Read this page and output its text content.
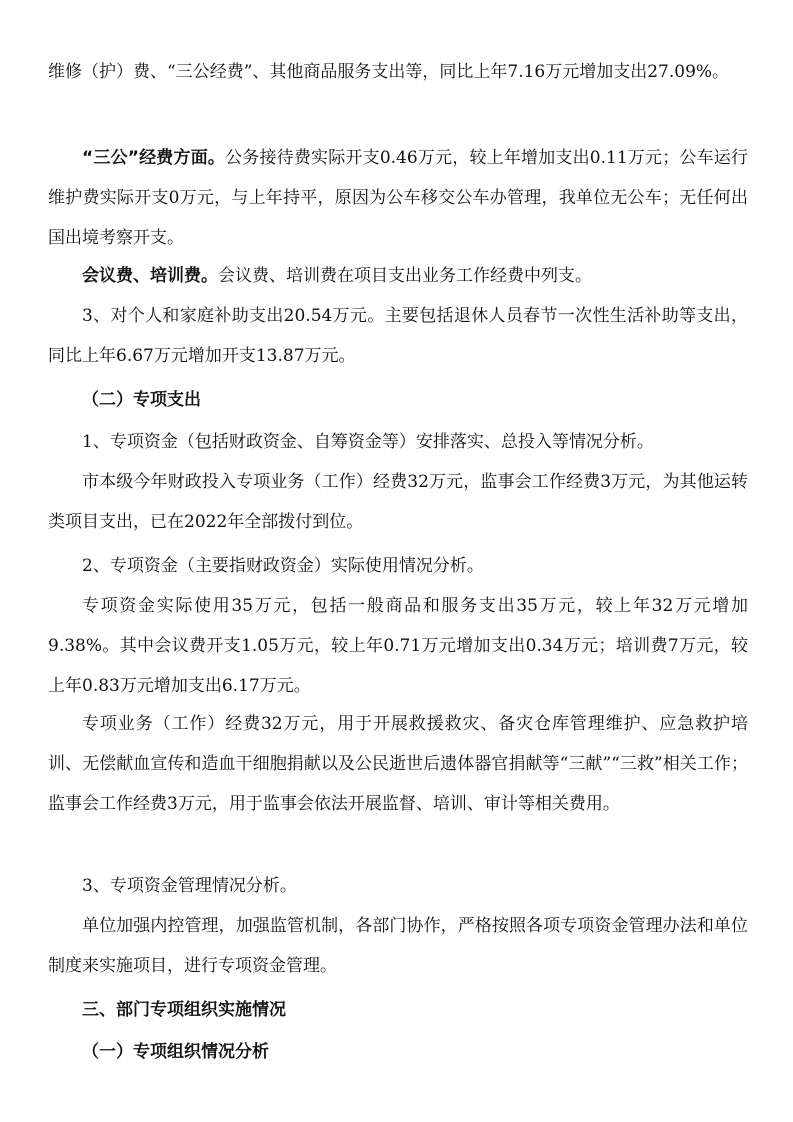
维修（护）费、“三公经费”、其他商品服务支出等，同比上年7.16万元增加支出27.09%。

“三公”经费方面。公务接待费实际开支0.46万元，较上年增加支出0.11万元；公车运行维护费实际开支0万元，与上年持平，原因为公车移交公车办管理，我单位无公车；无任何出国出境考察开支。

会议费、培训费。会议费、培训费在项目支出业务工作经费中列支。

3、对个人和家庭补助支出20.54万元。主要包括退休人员春节一次性生活补助等支出，同比上年6.67万元增加开支13.87万元。

（二）专项支出

1、专项资金（包括财政资金、自筹资金等）安排落实、总投入等情况分析。

市本级今年财政投入专项业务（工作）经费32万元，监事会工作经费3万元，为其他运转类项目支出，已在2022年全部拨付到位。

2、专项资金（主要指财政资金）实际使用情况分析。

专项资金实际使用35万元，包括一般商品和服务支出35万元，较上年32万元增加9.38%。其中会议费开支1.05万元，较上年0.71万元增加支出0.34万元；培训费7万元，较上年0.83万元增加支出6.17万元。

专项业务（工作）经费32万元，用于开展救援救灾、备灾仓库管理维护、应急救护培训、无偿献血宣传和造血干细胞捐献以及公民逝世后遗体器官捐献等“三献”“三救”相关工作；监事会工作经费3万元，用于监事会依法开展监督、培训、审计等相关费用。

3、专项资金管理情况分析。

单位加强内控管理，加强监管机制，各部门协作，严格按照各项专项资金管理办法和单位制度来实施项目，进行专项资金管理。

三、部门专项组织实施情况

（一）专项组织情况分析
